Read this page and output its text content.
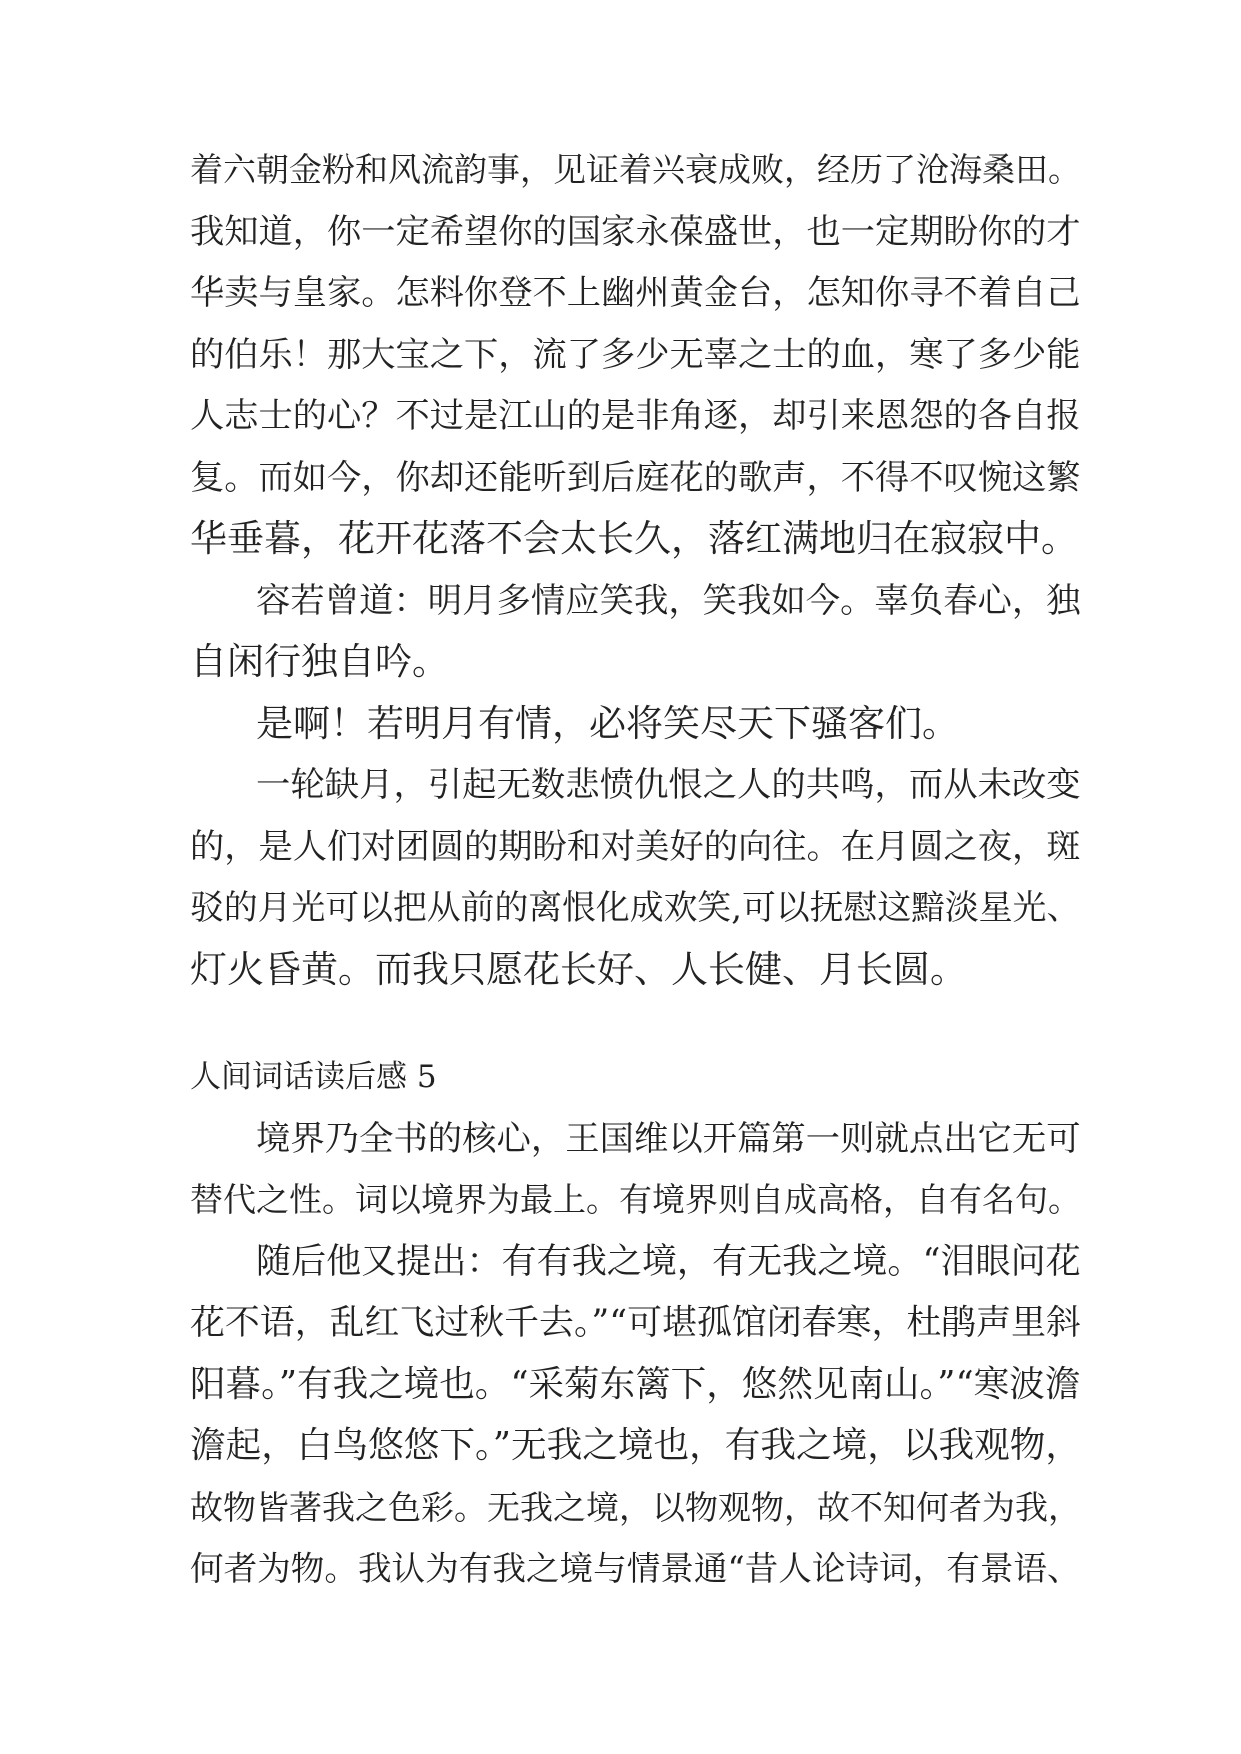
着六朝金粉和风流韵事，见证着兴衰成败，经历了沧海桑田。
我知道，你一定希望你的国家永葆盛世，也一定期盼你的才
华卖与皇家。怎料你登不上幽州黄金台，怎知你寻不着自己
的伯乐！那大宝之下，流了多少无辜之士的血，寒了多少能
人志士的心？不过是江山的是非角逐，却引来恩怨的各自报
复。而如今，你却还能听到后庭花的歌声，不得不叹惋这繁
华垂暮，花开花落不会太长久，落红满地归在寂寂中。
容若曾道：明月多情应笑我，笑我如今。辜负春心，独
自闲行独自吟。
是啊！若明月有情，必将笑尽天下骚客们。
一轮缺月，引起无数悲愤仇恨之人的共鸣，而从未改变
的，是人们对团圆的期盼和对美好的向往。在月圆之夜，斑
驳的月光可以把从前的离恨化成欢笑,可以抚慰这黯淡星光、
灯火昏黄。而我只愿花长好、人长健、月长圆。
人间词话读后感 5
境界乃全书的核心，王国维以开篇第一则就点出它无可
替代之性。词以境界为最上。有境界则自成高格，自有名句。
随后他又提出：有有我之境，有无我之境。“泪眼问花
花不语，乱红飞过秋千去。”“可堪孤馆闭春寒，杜鹃声里斜
阳暮。”有我之境也。“采菊东篱下，悠然见南山。”“寒波澹
澹起，白鸟悠悠下。”无我之境也，有我之境，以我观物，
故物皆著我之色彩。无我之境，以物观物，故不知何者为我，
何者为物。我认为有我之境与情景通“昔人论诗词，有景语、
